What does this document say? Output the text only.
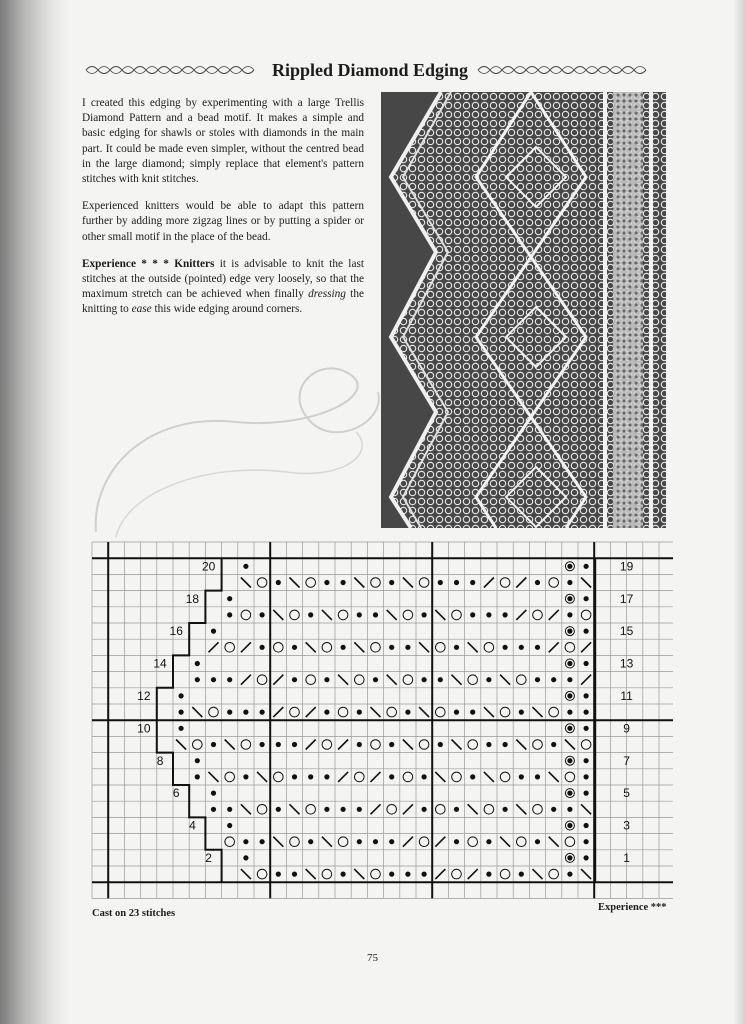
Rippled Diamond Edging

I created this edging by experimenting with a large Trellis Diamond Pattern and a bead motif. It makes a simple and basic edging for shawls or stoles with diamonds in the main part. It could be made even simpler, without the centred bead in the large diamond; simply replace that element's pattern stitches with knit stitches.

Experienced knitters would be able to adapt this pattern further by adding more zigzag lines or by putting a spider or other small motif in the place of the bead.

Experience * * * Knitters it is advisable to knit the last stitches at the outside (pointed) edge very loosely, so that the maximum stretch can be achieved when finally dressing the knitting to ease this wide edging around corners.

19
17
15
13
11
9
7
5
3
1
20
18
16
14
12
10
8
6
4
2
Cast on 23 stitches
Experience ***
75
